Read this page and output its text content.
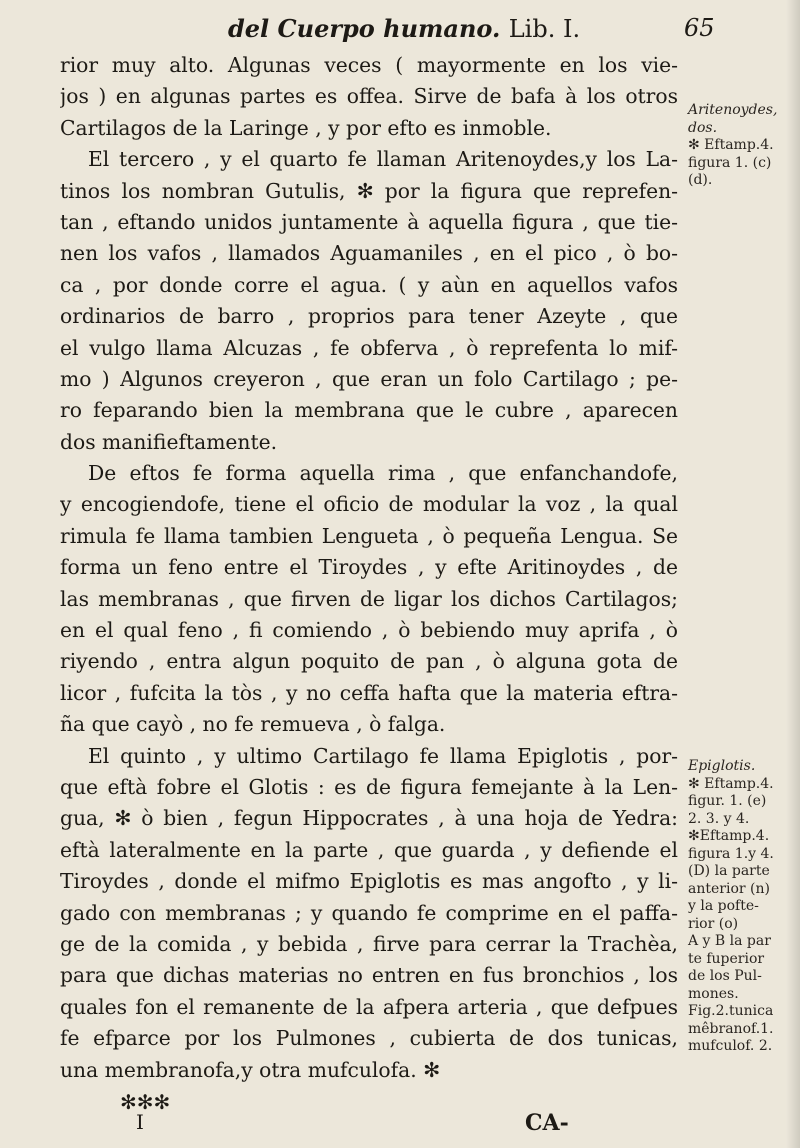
del Cuerpo humano. Lib. I.	65
rior muy alto. Algunas veces ( mayormente en los vie-
jos ) en algunas partes es offea. Sirve de bafa à los otros
Cartilagos de la Laringe , y por efto es inmoble.
El tercero , y el quarto fe llaman Aritenoydes,y los La-
tinos los nombran Gutulis, ✻ por la figura que reprefen-
tan , eftando unidos juntamente à aquella figura , que tie-
nen los vafos , llamados Aguamaniles , en el pico , ò bo-
ca , por donde corre el agua. ( y aùn en aquellos vafos
ordinarios de barro , proprios para tener Azeyte , que
el vulgo llama Alcuzas , fe obferva , ò reprefenta lo mif-
mo ) Algunos creyeron , que eran un folo Cartilago ; pe-
ro feparando bien la membrana que le cubre , aparecen
dos manifieftamente.
De eftos fe forma aquella rima , que enfanchandofe,
y encogiendofe, tiene el oficio de modular la voz , la qual
rimula fe llama tambien Lengueta , ò pequeña Lengua. Se
forma un feno entre el Tiroydes , y efte Aritinoydes , de
las membranas , que firven de ligar los dichos Cartilagos;
en el qual feno , fi comiendo , ò bebiendo muy aprifa , ò
riyendo , entra algun poquito de pan , ò alguna gota de
licor , fufcita la tòs , y no ceffa hafta que la materia eftra-
ña que cayò , no fe remueva , ò falga.
El quinto , y ultimo Cartilago fe llama Epiglotis , por-
que eftà fobre el Glotis : es de figura femejante à la Len-
gua, ✻ ò bien , fegun Hippocrates , à una hoja de Yedra:
eftà lateralmente en la parte , que guarda , y defiende el
Tiroydes , donde el mifmo Epiglotis es mas angofto , y li-
gado con membranas ; y quando fe comprime en el paffa-
ge de la comida , y bebida , firve para cerrar la Trachèa,
para que dichas materias no entren en fus bronchios , los
quales fon el remanente de la afpera arteria , que defpues
fe efparce por los Pulmones , cubierta de dos tunicas,
una membranofa,y otra mufculofa. ✻
Aritenoydes,
dos.
✻ Eftamp.4.
figura 1. (c)
(d).
Epiglotis.
✻ Eftamp.4.
figur. 1. (e)
2. 3. y 4.
✻Eftamp.4.
figura 1.y 4.
(D) la parte
anterior (n)
y la pofte-
rior (o)
A y B la par
te fuperior
de los Pul-
mones.
Fig.2.tunica
mêbranof.1.
mufculof. 2.
✻✻✻
I	CA-
